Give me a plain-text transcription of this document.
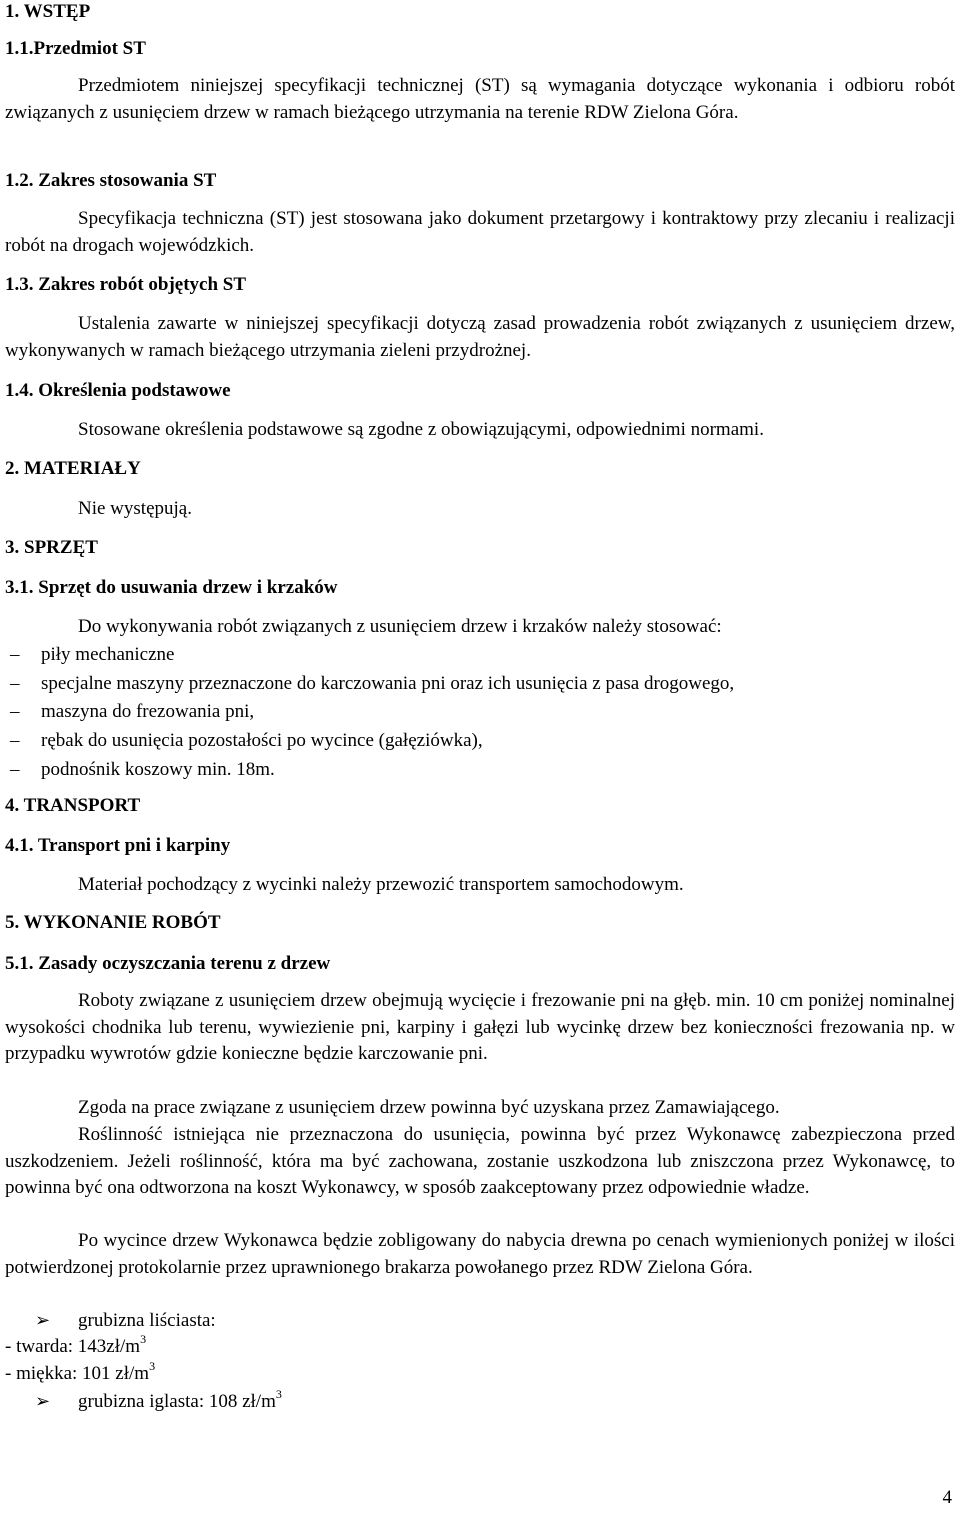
1. WSTĘP
1.1.Przedmiot ST

Przedmiotem niniejszej specyfikacji technicznej (ST) są wymagania dotyczące wykonania i odbioru robót związanych z usunięciem drzew w ramach bieżącego utrzymania na terenie RDW Zielona Góra.

1.2. Zakres stosowania ST

Specyfikacja techniczna (ST) jest stosowana jako dokument przetargowy i kontraktowy przy zlecaniu i realizacji robót na drogach wojewódzkich.

1.3. Zakres robót objętych ST

Ustalenia zawarte w niniejszej specyfikacji dotyczą zasad prowadzenia robót związanych z usunięciem drzew, wykonywanych w ramach bieżącego utrzymania zieleni przydrożnej.

1.4. Określenia podstawowe
Stosowane określenia podstawowe są zgodne z obowiązującymi, odpowiednimi normami.
2. MATERIAŁY
Nie występują.
3. SPRZĘT
3.1. Sprzęt do usuwania drzew i krzaków
Do wykonywania robót związanych z usunięciem drzew i krzaków należy stosować:
– piły mechaniczne
– specjalne maszyny przeznaczone do karczowania pni oraz ich usunięcia z pasa drogowego,
– maszyna do frezowania pni,
– rębak do usunięcia pozostałości po wycince (gałęziówka),
– podnośnik koszowy min. 18m.
4. TRANSPORT
4.1. Transport pni i karpiny
Materiał pochodzący z wycinki należy przewozić transportem samochodowym.
5. WYKONANIE ROBÓT
5.1. Zasady oczyszczania terenu z drzew

Roboty związane z usunięciem drzew obejmują wycięcie i frezowanie pni na głęb. min. 10 cm poniżej nominalnej wysokości chodnika lub terenu, wywiezienie pni, karpiny i gałęzi lub wycinkę drzew bez konieczności frezowania np. w przypadku wywrotów gdzie konieczne będzie karczowanie pni.

Zgoda na prace związane z usunięciem drzew powinna być uzyskana przez Zamawiającego.

Roślinność istniejąca nie przeznaczona do usunięcia, powinna być przez Wykonawcę zabezpieczona przed uszkodzeniem. Jeżeli roślinność, która ma być zachowana, zostanie uszkodzona lub zniszczona przez Wykonawcę, to powinna być ona odtworzona na koszt Wykonawcy, w sposób zaakceptowany przez odpowiednie władze.

Po wycince drzew Wykonawca będzie zobligowany do nabycia drewna po cenach wymienionych poniżej w ilości potwierdzonej protokolarnie przez uprawnionego brakarza powołanego przez RDW Zielona Góra.

➢ grubizna liściasta:
- twarda: $143zł/m^3$
- miękka: 101 $zł/m^3$
➢ grubizna iglasta: 108 $zł/m^3$
4
